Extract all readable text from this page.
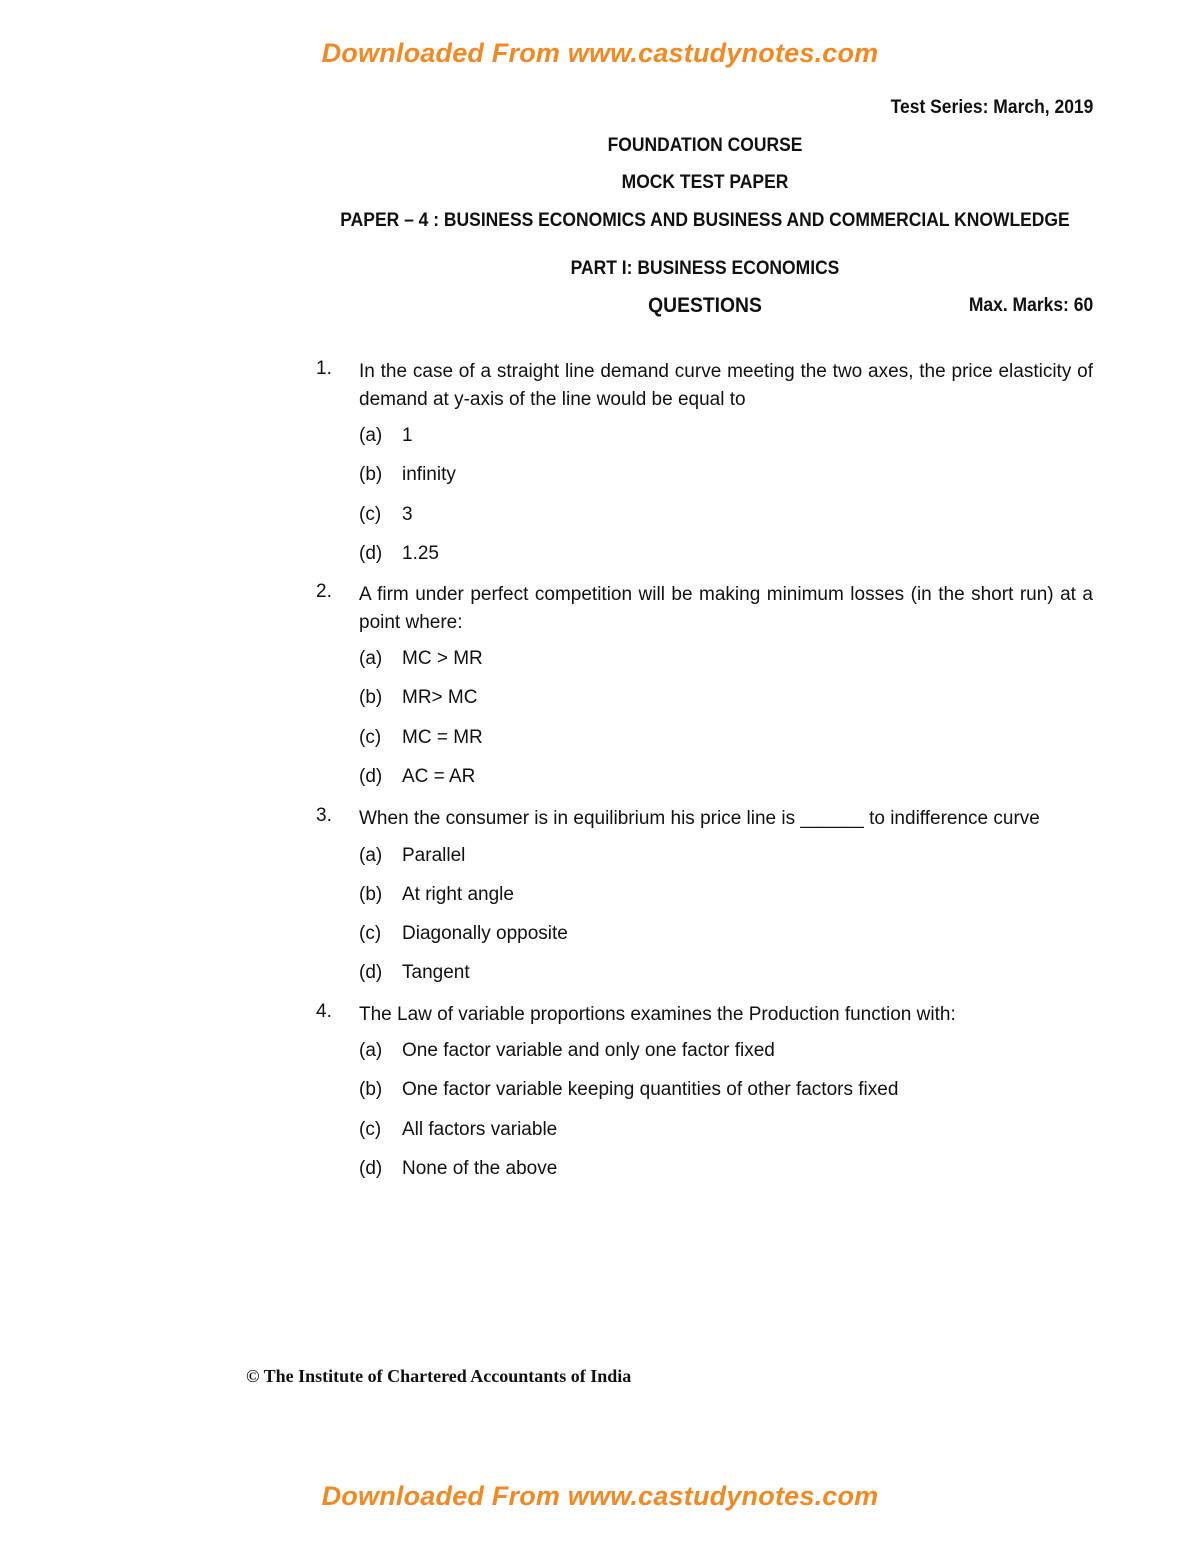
Downloaded From www.castudynotes.com
Test Series: March, 2019
FOUNDATION COURSE
MOCK TEST PAPER
PAPER – 4 : BUSINESS ECONOMICS AND BUSINESS AND COMMERCIAL KNOWLEDGE
PART I: BUSINESS ECONOMICS
QUESTIONS	Max. Marks: 60
1. In the case of a straight line demand curve meeting the two axes, the price elasticity of demand at y-axis of the line would be equal to
(a) 1
(b) infinity
(c) 3
(d) 1.25
2. A firm under perfect competition will be making minimum losses (in the short run) at a point where:
(a) MC > MR
(b) MR> MC
(c) MC = MR
(d) AC = AR
3. When the consumer is in equilibrium his price line is ______ to indifference curve
(a) Parallel
(b) At right angle
(c) Diagonally opposite
(d) Tangent
4. The Law of variable proportions examines the Production function with:
(a) One factor variable and only one factor fixed
(b) One factor variable keeping quantities of other factors fixed
(c) All factors variable
(d) None of the above
© The Institute of Chartered Accountants of India
Downloaded From www.castudynotes.com
